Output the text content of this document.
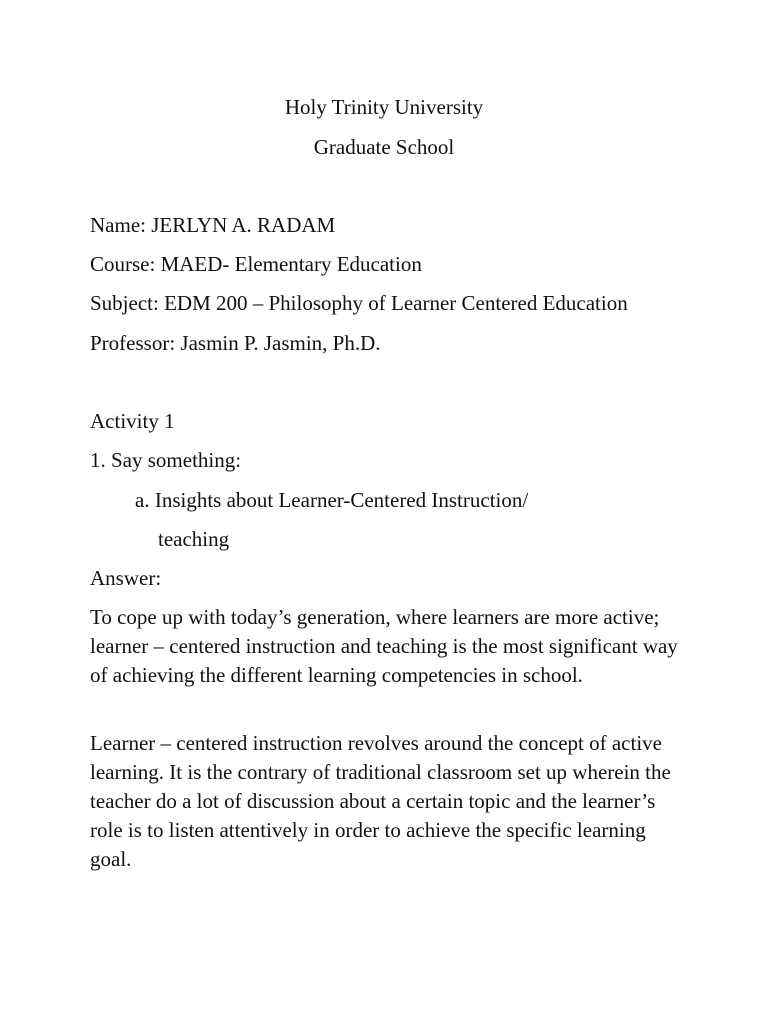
Holy Trinity University
Graduate School
Name: JERLYN A. RADAM
Course: MAED- Elementary Education
Subject: EDM 200 – Philosophy of Learner Centered Education
Professor: Jasmin P. Jasmin, Ph.D.
Activity 1
1. Say something:
a. Insights about Learner-Centered Instruction/
teaching
Answer:
To cope up with today’s generation, where learners are more active; learner – centered instruction and teaching is the most significant way of achieving the different learning competencies in school.
Learner – centered instruction revolves around the concept of active learning. It is the contrary of traditional classroom set up wherein the teacher do a lot of discussion about a certain topic and the learner’s role is to listen attentively in order to achieve the specific learning goal.
